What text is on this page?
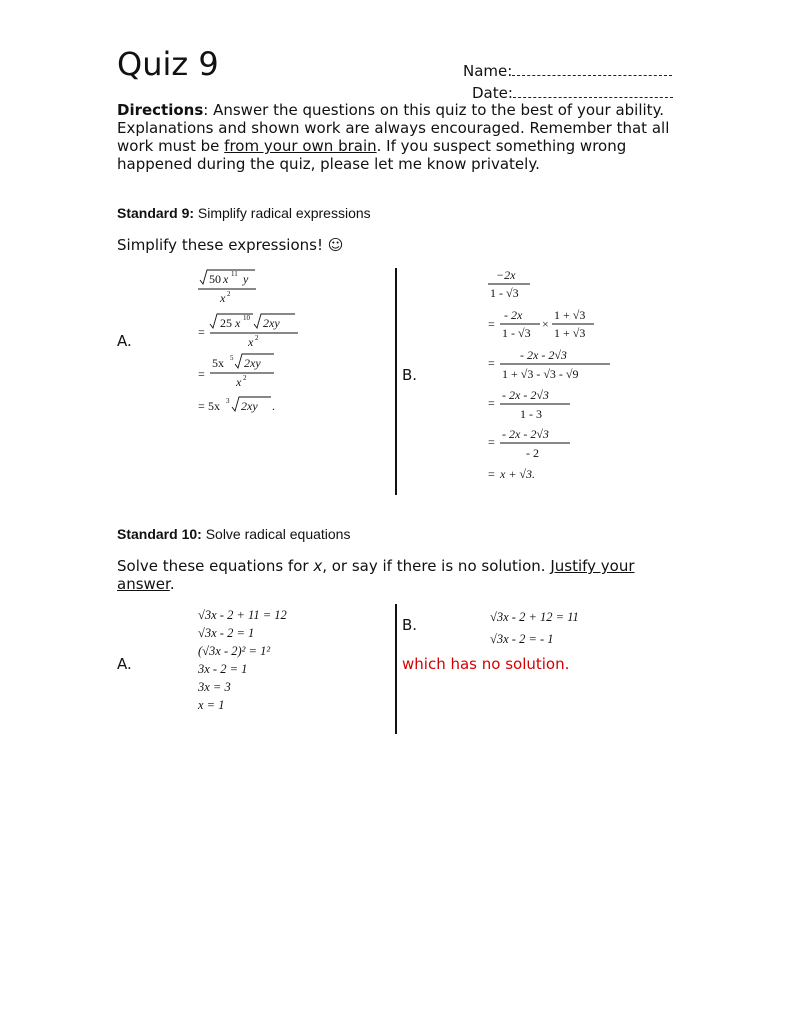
Quiz 9	Name:
Date:
Directions: Answer the questions on this quiz to the best of your ability. Explanations and shown work are always encouraged. Remember that all work must be from your own brain. If you suspect something wrong happened during the quiz, please let me know privately.
Standard 9: Simplify radical expressions
Simplify these expressions! ☺
A.
B.
50 x 11 y
x 2
=
25 x 10 2xy
x 2
=
5x 5 2xy
x 2
= 5x 3 2xy .
−2x
1 - √3
=
- 2x
1 - √3
×
1 + √3
1 + √3
=
- 2x - 2√3
1 + √3 - √3 - √9
=
- 2x - 2√3
1 - 3
=
- 2x - 2√3
- 2
= x + √3.
Standard 10: Solve radical equations
Solve these equations for x, or say if there is no solution. Justify your answer.
A.
B.
√3x - 2 + 11 = 12
√3x - 2 = 1
(√3x - 2)² = 1²
3x - 2 = 1
3x = 3
x = 1
√3x - 2 + 12 = 11
√3x - 2 = - 1
which has no solution.
